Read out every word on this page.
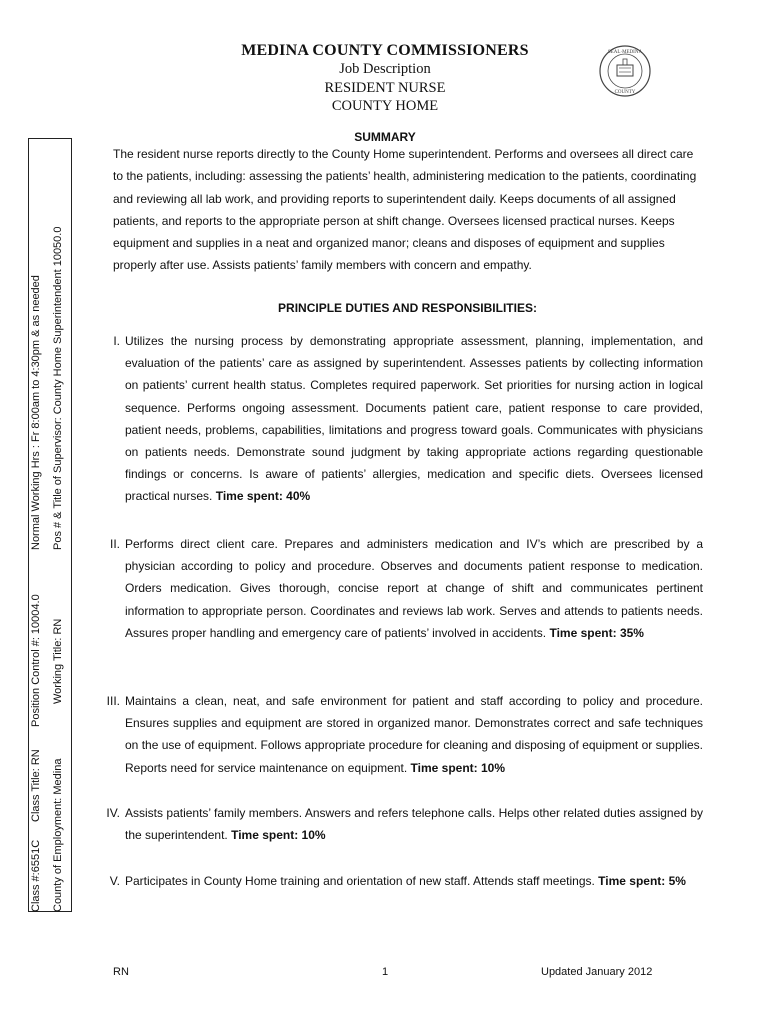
MEDINA COUNTY COMMISSIONERS
Job Description
RESIDENT NURSE
COUNTY HOME
SEAL·MEDINA
COUNTY
Class #:6551C
Class Title: RN
Position Control #: 10004.0
Normal Working Hrs : Fr 8:00am to 4:30pm & as needed
County of Employment: Medina
Working Title: RN
Pos # & Title of Supervisor: County Home Superintendent 10050.0
SUMMARY
The resident nurse reports directly to the County Home superintendent. Performs and oversees all direct care to the patients, including: assessing the patients’ health, administering medication to the patients, coordinating and reviewing all lab work, and providing reports to superintendent daily. Keeps documents of all assigned patients, and reports to the appropriate person at shift change. Oversees licensed practical nurses. Keeps equipment and supplies in a neat and organized manor; cleans and disposes of equipment and supplies properly after use. Assists patients’ family members with concern and empathy.
PRINCIPLE DUTIES AND RESPONSIBILITIES:
I. Utilizes the nursing process by demonstrating appropriate assessment, planning, implementation, and evaluation of the patients’ care as assigned by superintendent. Assesses patients by collecting information on patients’ current health status. Completes required paperwork. Set priorities for nursing action in logical sequence. Performs ongoing assessment. Documents patient care, patient response to care provided, patient needs, problems, capabilities, limitations and progress toward goals. Communicates with physicians on patients needs. Demonstrate sound judgment by taking appropriate actions regarding questionable findings or concerns. Is aware of patients’ allergies, medication and specific diets. Oversees licensed practical nurses. Time spent: 40%
II. Performs direct client care. Prepares and administers medication and IV’s which are prescribed by a physician according to policy and procedure. Observes and documents patient response to medication. Orders medication. Gives thorough, concise report at change of shift and communicates pertinent information to appropriate person. Coordinates and reviews lab work. Serves and attends to patients needs. Assures proper handling and emergency care of patients’ involved in accidents. Time spent: 35%
III. Maintains a clean, neat, and safe environment for patient and staff according to policy and procedure. Ensures supplies and equipment are stored in organized manor. Demonstrates correct and safe techniques on the use of equipment. Follows appropriate procedure for cleaning and disposing of equipment or supplies. Reports need for service maintenance on equipment. Time spent: 10%
IV. Assists patients’ family members. Answers and refers telephone calls. Helps other related duties assigned by the superintendent. Time spent: 10%
V. Participates in County Home training and orientation of new staff. Attends staff meetings. Time spent: 5%
RN	1	Updated January 2012
